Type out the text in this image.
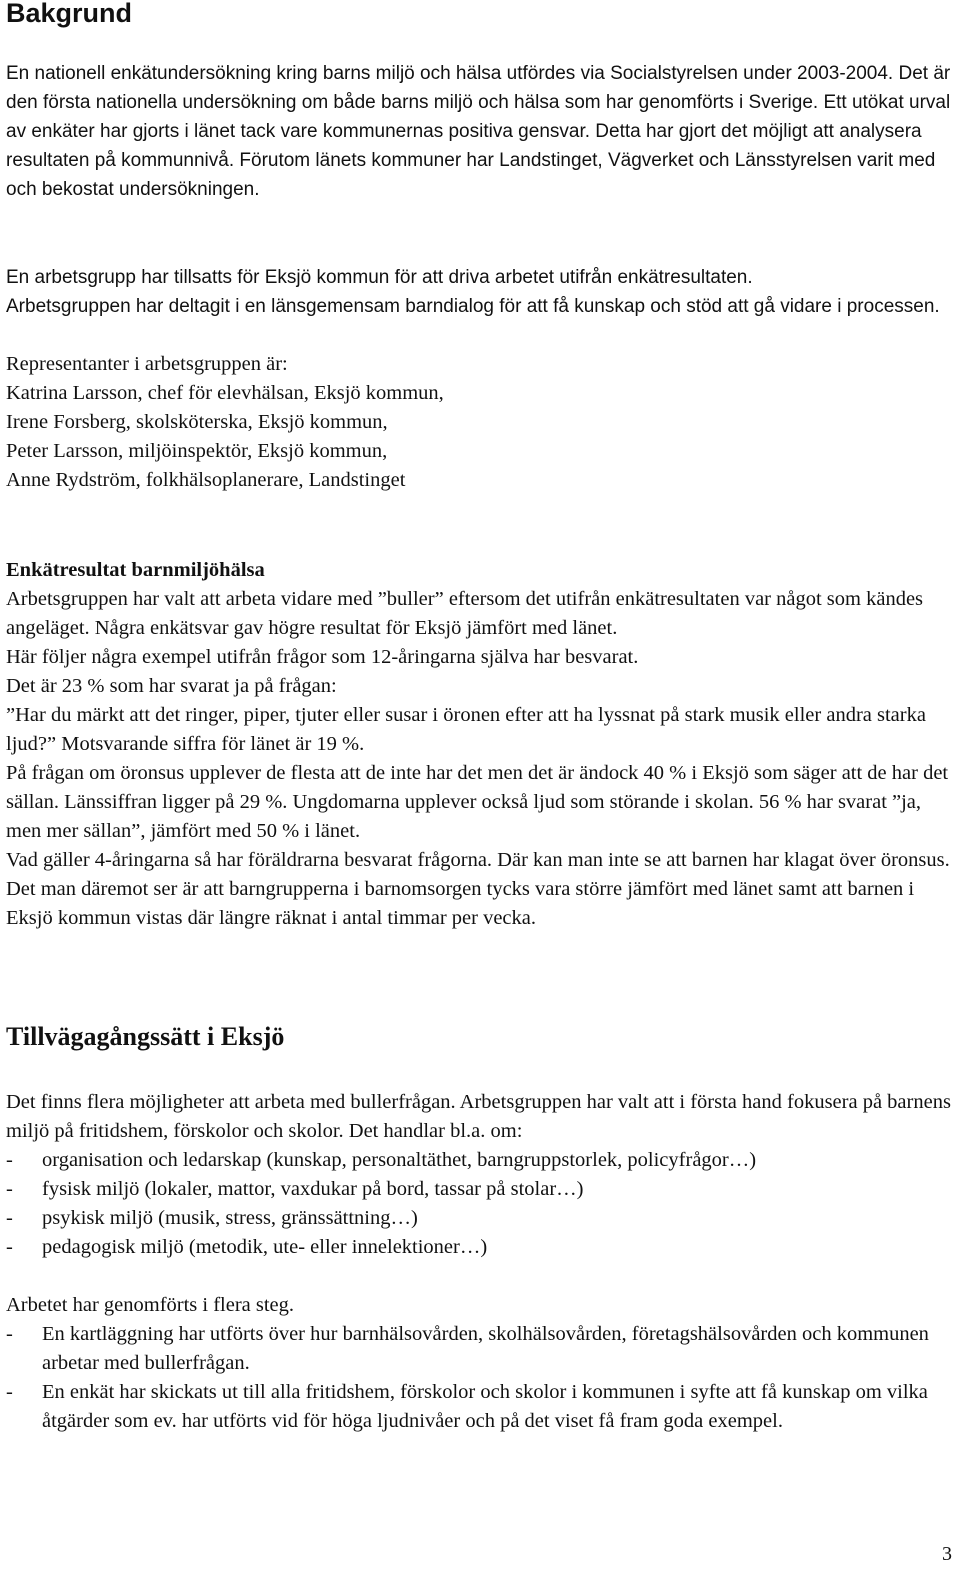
Bakgrund

En nationell enkätundersökning kring barns miljö och hälsa utfördes via Socialstyrelsen under 2003-2004. Det är den första nationella undersökning om både barns miljö och hälsa som har genomförts i Sverige. Ett utökat urval av enkäter har gjorts i länet tack vare kommunernas positiva gensvar. Detta har gjort det möjligt att analysera resultaten på kommunnivå. Förutom länets kommuner har Landstinget, Vägverket och Länsstyrelsen varit med och bekostat undersökningen.

En arbetsgrupp har tillsatts för Eksjö kommun för att driva arbetet utifrån enkätresultaten.

Arbetsgruppen har deltagit i en länsgemensam barndialog för att få kunskap och stöd att gå vidare i processen.

Representanter i arbetsgruppen är:

Katrina Larsson, chef för elevhälsan, Eksjö kommun,

Irene Forsberg, skolsköterska, Eksjö kommun,

Peter Larsson, miljöinspektör, Eksjö kommun,

Anne Rydström, folkhälsoplanerare, Landstinget

Enkätresultat barnmiljöhälsa

Arbetsgruppen har valt att arbeta vidare med ”buller” eftersom det utifrån enkätresultaten var något som kändes angeläget. Några enkätsvar gav högre resultat för Eksjö jämfört med länet.

Här följer några exempel utifrån frågor som 12-åringarna själva har besvarat.

Det är 23 % som har svarat ja på frågan:

”Har du märkt att det ringer, piper, tjuter eller susar i öronen efter att ha lyssnat på stark musik eller andra starka ljud?” Motsvarande siffra för länet är 19 %.

På frågan om öronsus upplever de flesta att de inte har det men det är ändock 40 % i Eksjö som säger att de har det sällan. Länssiffran ligger på 29 %. Ungdomarna upplever också ljud som störande i skolan. 56 % har svarat ”ja, men mer sällan”, jämfört med 50 % i länet.

Vad gäller 4-åringarna så har föräldrarna besvarat frågorna. Där kan man inte se att barnen har klagat över öronsus. Det man däremot ser är att barngrupperna i barnomsorgen tycks vara större jämfört med länet samt att barnen i Eksjö kommun vistas där längre räknat i antal timmar per vecka.

Tillvägagångssätt i Eksjö

Det finns flera möjligheter att arbeta med bullerfrågan. Arbetsgruppen har valt att i första hand fokusera på barnens miljö på fritidshem, förskolor och skolor. Det handlar bl.a. om:

- organisation och ledarskap (kunskap, personaltäthet, barngruppstorlek, policyfrågor…)
- fysisk miljö (lokaler, mattor, vaxdukar på bord, tassar på stolar…)
- psykisk miljö (musik, stress, gränssättning…)
- pedagogisk miljö (metodik, ute- eller innelektioner…)

Arbetet har genomförts i flera steg.

- En kartläggning har utförts över hur barnhälsovården, skolhälsovården, företagshälsovården och kommunen arbetar med bullerfrågan.
- En enkät har skickats ut till alla fritidshem, förskolor och skolor i kommunen i syfte att få kunskap om vilka åtgärder som ev. har utförts vid för höga ljudnivåer och på det viset få fram goda exempel.
3
